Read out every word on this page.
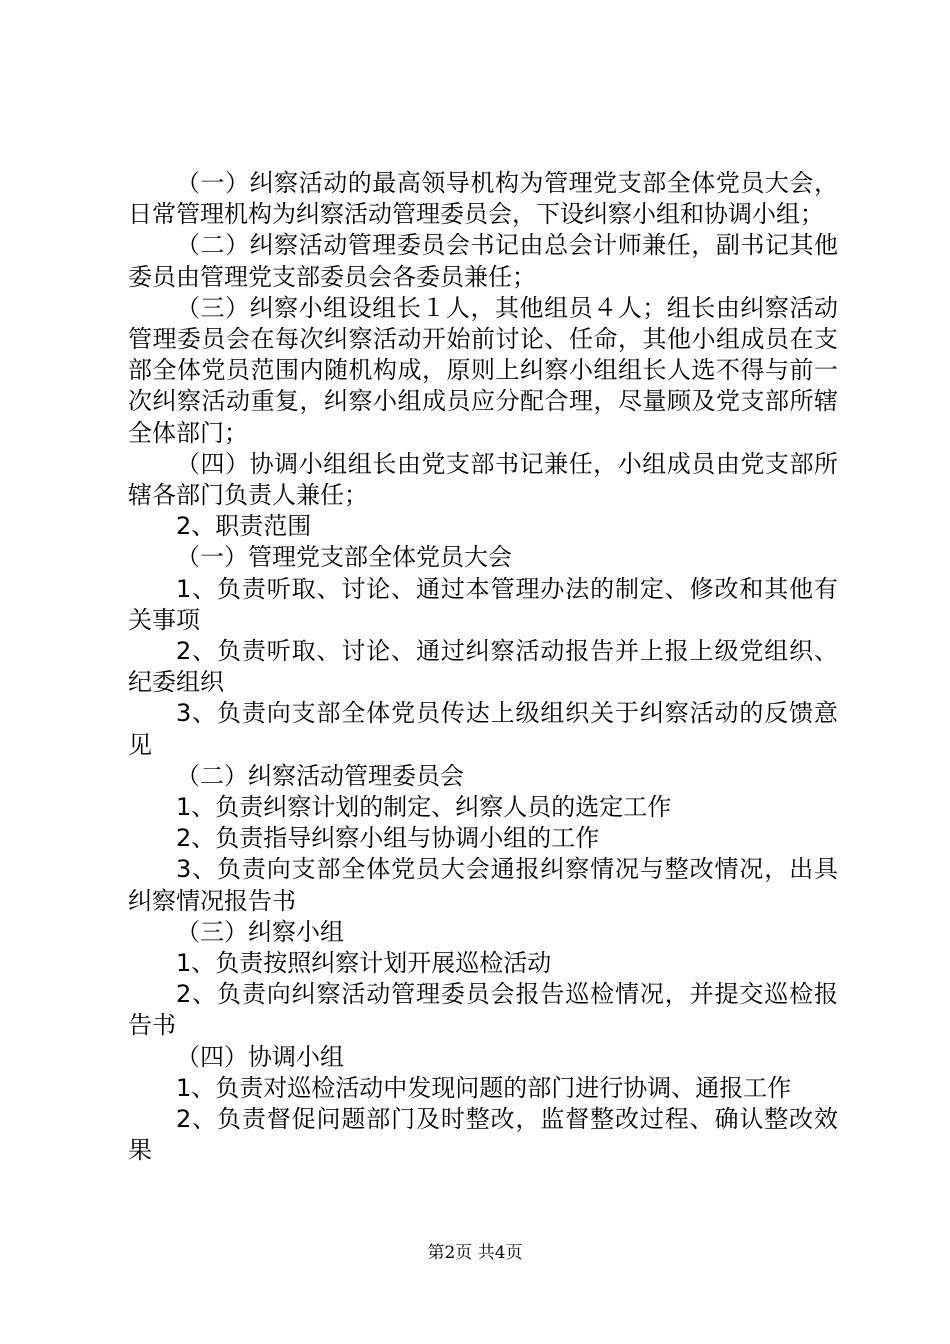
（一）纠察活动的最高领导机构为管理党支部全体党员大会，日常管理机构为纠察活动管理委员会，下设纠察小组和协调小组；

（二）纠察活动管理委员会书记由总会计师兼任，副书记其他委员由管理党支部委员会各委员兼任；

（三）纠察小组设组长１人，其他组员４人；组长由纠察活动管理委员会在每次纠察活动开始前讨论、任命，其他小组成员在支部全体党员范围内随机构成，原则上纠察小组组长人选不得与前一次纠察活动重复，纠察小组成员应分配合理，尽量顾及党支部所辖全体部门；

（四）协调小组组长由党支部书记兼任，小组成员由党支部所辖各部门负责人兼任；

2、职责范围

（一）管理党支部全体党员大会

1、负责听取、讨论、通过本管理办法的制定、修改和其他有关事项

2、负责听取、讨论、通过纠察活动报告并上报上级党组织、纪委组织

3、负责向支部全体党员传达上级组织关于纠察活动的反馈意见

（二）纠察活动管理委员会

1、负责纠察计划的制定、纠察人员的选定工作

2、负责指导纠察小组与协调小组的工作

3、负责向支部全体党员大会通报纠察情况与整改情况，出具纠察情况报告书

（三）纠察小组

1、负责按照纠察计划开展巡检活动

2、负责向纠察活动管理委员会报告巡检情况，并提交巡检报告书

（四）协调小组

1、负责对巡检活动中发现问题的部门进行协调、通报工作

2、负责督促问题部门及时整改，监督整改过程、确认整改效果

第2页 共4页
